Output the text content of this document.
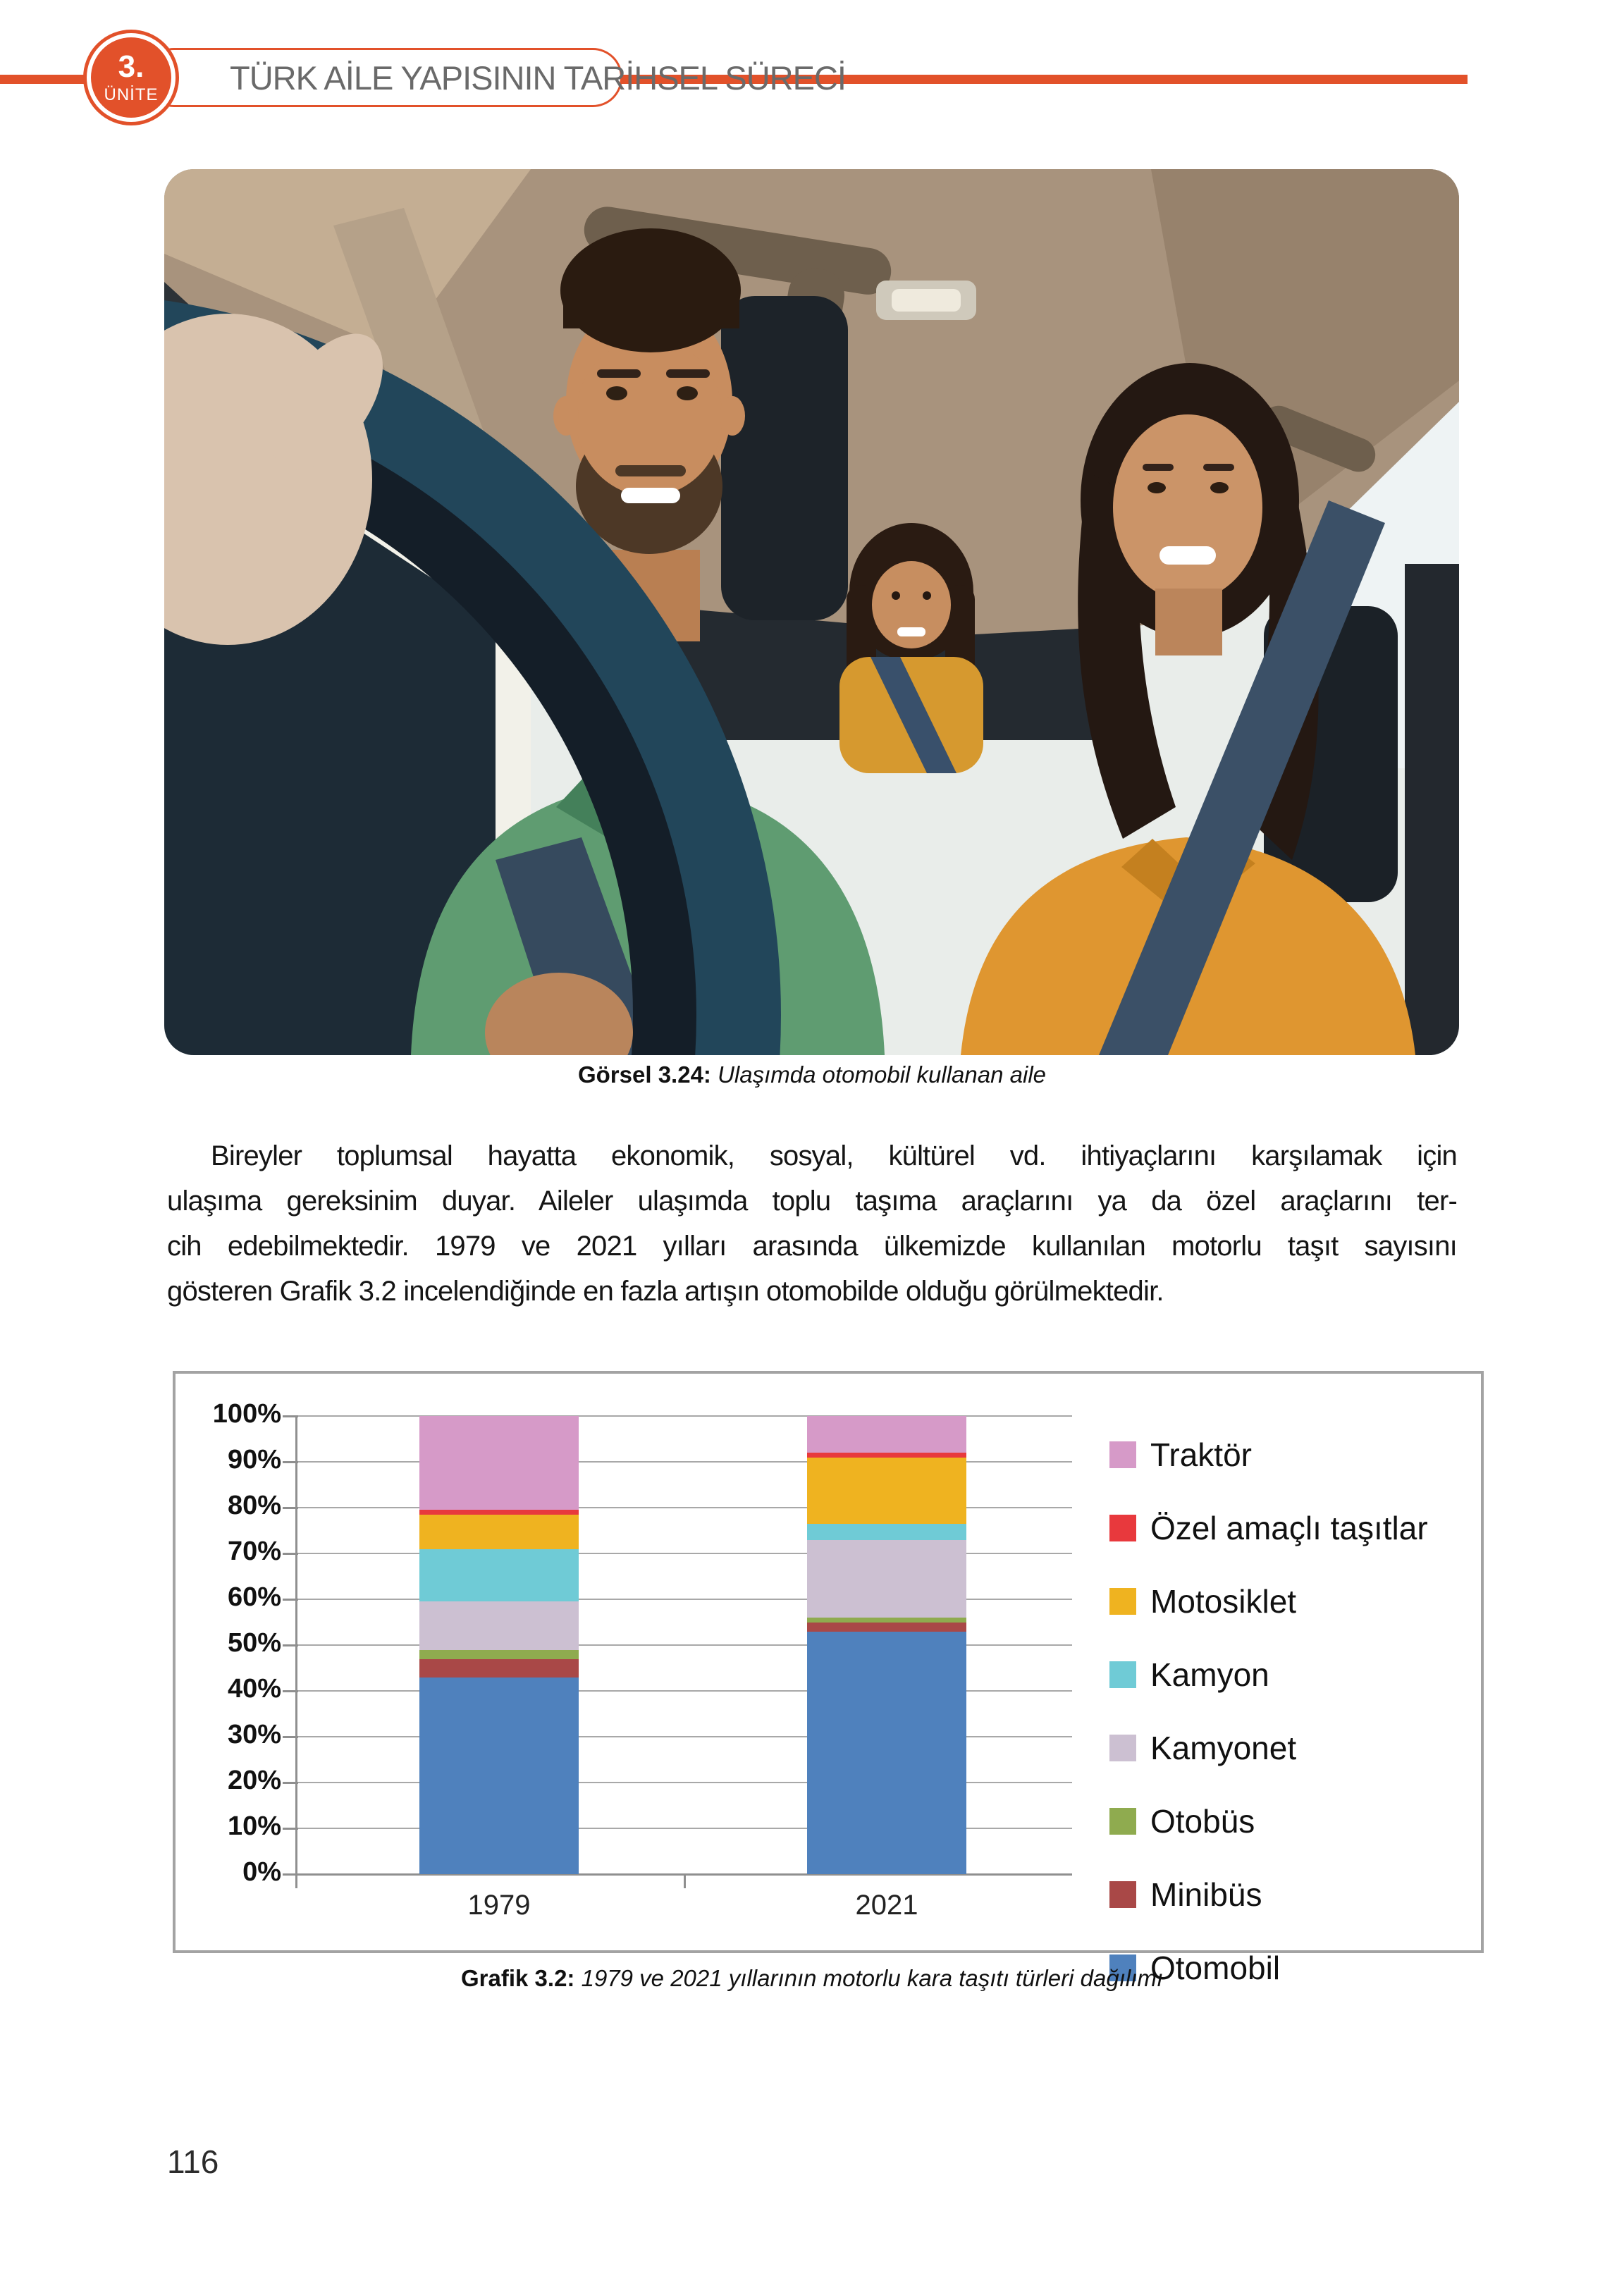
TÜRK AİLE YAPISININ TARİHSEL SÜRECİ
3.
ÜNİTE
Görsel 3.24: Ulaşımda otomobil kullanan aile
Bireyler toplumsal hayatta ekonomik, sosyal, kültürel vd. ihtiyaçlarını karşılamak için
ulaşıma gereksinim duyar. Aileler ulaşımda toplu taşıma araçlarını ya da özel araçlarını ter-
cih edebilmektedir. 1979 ve 2021 yılları arasında ülkemizde kullanılan motorlu taşıt sayısını
gösteren Grafik 3.2 incelendiğinde en fazla artışın otomobilde olduğu görülmektedir.
100%
90%
80%
70%
60%
50%
40%
30%
20%
10%
0%
1979	2021
Traktör
Özel amaçlı taşıtlar
Motosiklet
Kamyon
Kamyonet
Otobüs
Minibüs
Otomobil
Grafik 3.2: 1979 ve 2021 yıllarının motorlu kara taşıtı türleri dağılımı
116
